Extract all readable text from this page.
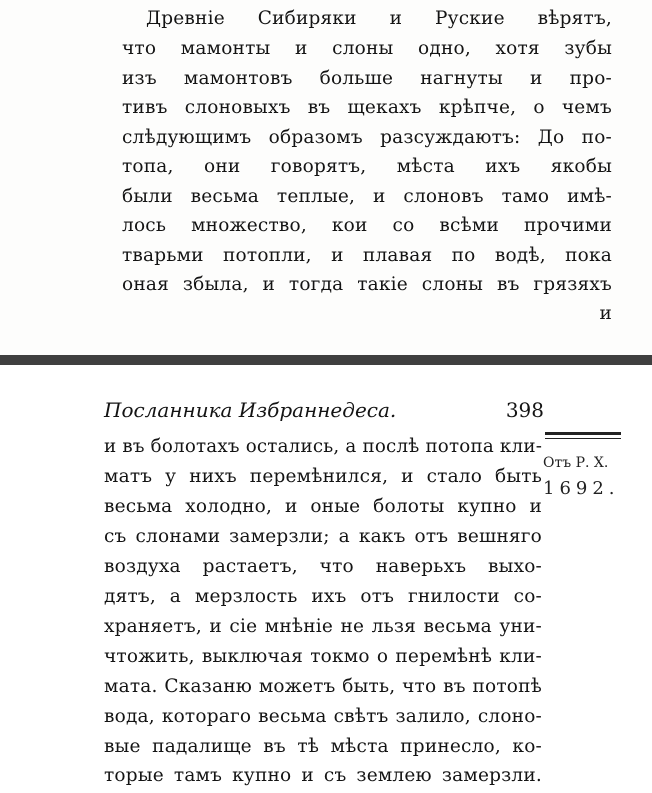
Древніе Сибиряки и Руские вѣрятъ,
что мамонты и слоны одно, хотя зубы
изъ мамонтовъ больше нагнуты и про-
тивъ слоновыхъ въ щекахъ крѣпче, о чемъ
слѣдующимъ образомъ разсуждаютъ: До по-
топа, они говорятъ, мѣста ихъ якобы
были весьма теплые, и слоновъ тамо имѣ-
лось множество, кои со всѣми прочими
тварьми потопли, и плавая по водѣ, пока
оная збыла, и тогда такіе слоны въ грязяхъ
и
Посланника Избраннедеса.	398
Отъ Р. Х.
1692.
и въ болотахъ остались, а послѣ потопа кли-
матъ у нихъ перемѣнился, и стало быть
весьма холодно, и оные болоты купно и
съ слонами замерзли; а какъ отъ вешняго
воздуха растаетъ, что наверьхъ выхо-
дятъ, а мерзлость ихъ отъ гнилости со-
храняетъ, и сіе мнѣніе не льзя весьма уни-
чтожить, выключая токмо о перемѣнѣ кли-
мата. Сказаню можетъ быть, что въ потопѣ
вода, котораго весьма свѣтъ залило, слоно-
вые падалище въ тѣ мѣста принесло, ко-
торые тамъ купно и съ землею замерзли.
